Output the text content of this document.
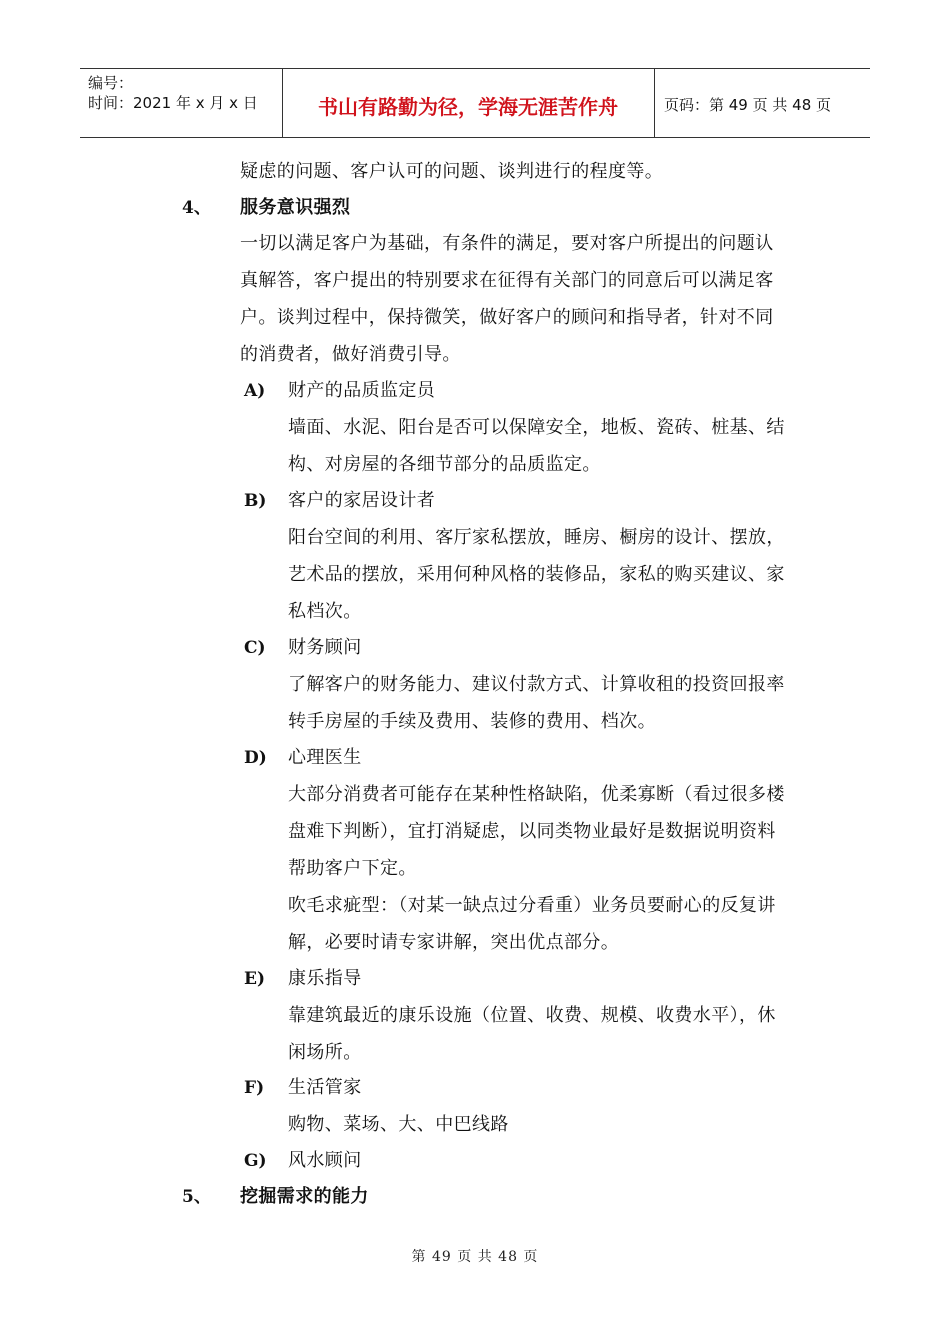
编号：
时间：2021 年 x 月 x 日	书山有路勤为径，学海无涯苦作舟	页码：第 49 页 共 48 页
疑虑的问题、客户认可的问题、谈判进行的程度等。
4、 服务意识强烈
一切以满足客户为基础，有条件的满足，要对客户所提出的问题认
真解答，客户提出的特别要求在征得有关部门的同意后可以满足客
户。谈判过程中，保持微笑，做好客户的顾问和指导者，针对不同
的消费者，做好消费引导。
A) 财产的品质监定员
墙面、水泥、阳台是否可以保障安全，地板、瓷砖、桩基、结
构、对房屋的各细节部分的品质监定。
B) 客户的家居设计者
阳台空间的利用、客厅家私摆放，睡房、橱房的设计、摆放，
艺术品的摆放，采用何种风格的装修品，家私的购买建议、家
私档次。
C) 财务顾问
了解客户的财务能力、建议付款方式、计算收租的投资回报率
转手房屋的手续及费用、装修的费用、档次。
D) 心理医生
大部分消费者可能存在某种性格缺陷，优柔寡断（看过很多楼
盘难下判断），宜打消疑虑，以同类物业最好是数据说明资料
帮助客户下定。
吹毛求疵型：（对某一缺点过分看重）业务员要耐心的反复讲
解，必要时请专家讲解，突出优点部分。
E) 康乐指导
靠建筑最近的康乐设施（位置、收费、规模、收费水平），休
闲场所。
F) 生活管家
购物、菜场、大、中巴线路
G) 风水顾问
5、 挖掘需求的能力
第 49 页 共 48 页
